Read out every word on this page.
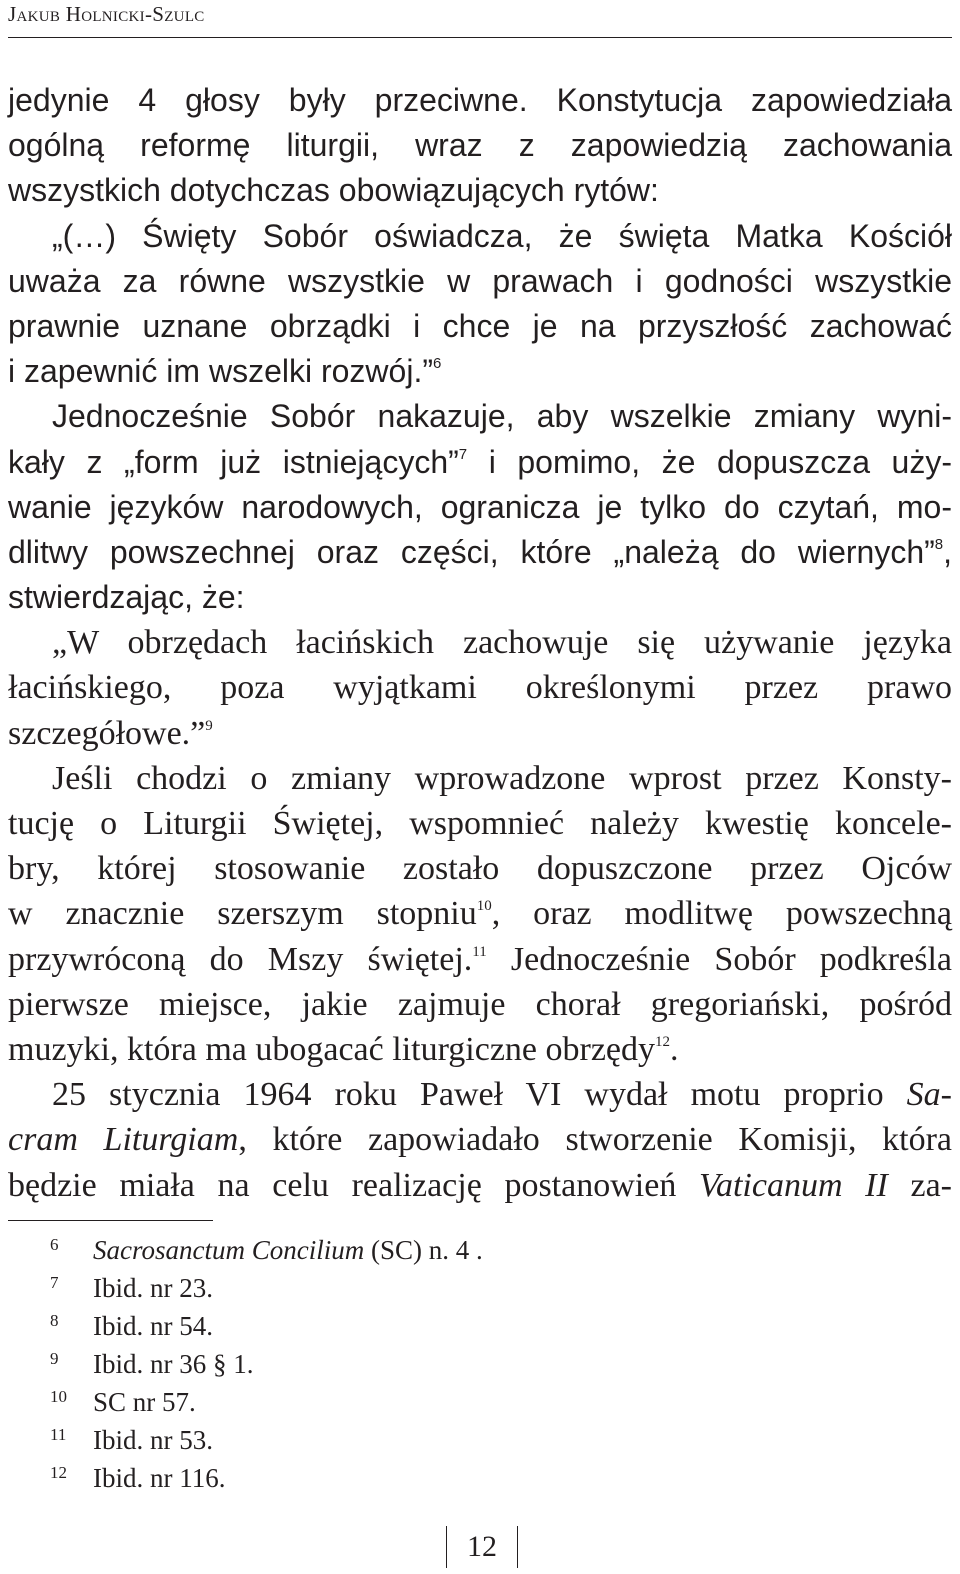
Jakub Holnicki-Szulc
jedynie 4 głosy były przeciwne. Konstytucja zapowiedziała
ogólną reformę liturgii, wraz z zapowiedzią zachowania
wszystkich dotychczas obowiązujących rytów:
„(…) Święty Sobór oświadcza, że święta Matka Kościół
uważa za równe wszystkie w prawach i godności wszystkie
prawnie uznane obrządki i chce je na przyszłość zachować
i zapewnić im wszelki rozwój.”$^6$
Jednocześnie Sobór nakazuje, aby wszelkie zmiany wyni-
kały z „form już istniejących”$^7$ i pomimo, że dopuszcza uży-
wanie języków narodowych, ogranicza je tylko do czytań, mo-
dlitwy powszechnej oraz części, które „należą do wiernych”$^8$,
stwierdzając, że:
„W obrzędach łacińskich zachowuje się używanie języka
łacińskiego, poza wyjątkami określonymi przez prawo
szczegółowe.”$^9$
Jeśli chodzi o zmiany wprowadzone wprost przez Konsty-
tucję o Liturgii Świętej, wspomnieć należy kwestię koncele-
bry, której stosowanie zostało dopuszczone przez Ojców
w znacznie szerszym stopniu$^{10}$, oraz modlitwę powszechną
przywróconą do Mszy świętej.$^{11}$ Jednocześnie Sobór podkreśla
pierwsze miejsce, jakie zajmuje chorał gregoriański, pośród
muzyki, która ma ubogacać liturgiczne obrzędy$^{12}$.
25 stycznia 1964 roku Paweł VI wydał motu proprio Sa-
cram Liturgiam, które zapowiadało stworzenie Komisji, która
będzie miała na celu realizację postanowień Vaticanum II za-
6 Sacrosanctum Concilium (SC) n. 4 .
7 Ibid. nr 23.
8 Ibid. nr 54.
9 Ibid. nr 36 § 1.
10 SC nr 57.
11 Ibid. nr 53.
12 Ibid. nr 116.
12
